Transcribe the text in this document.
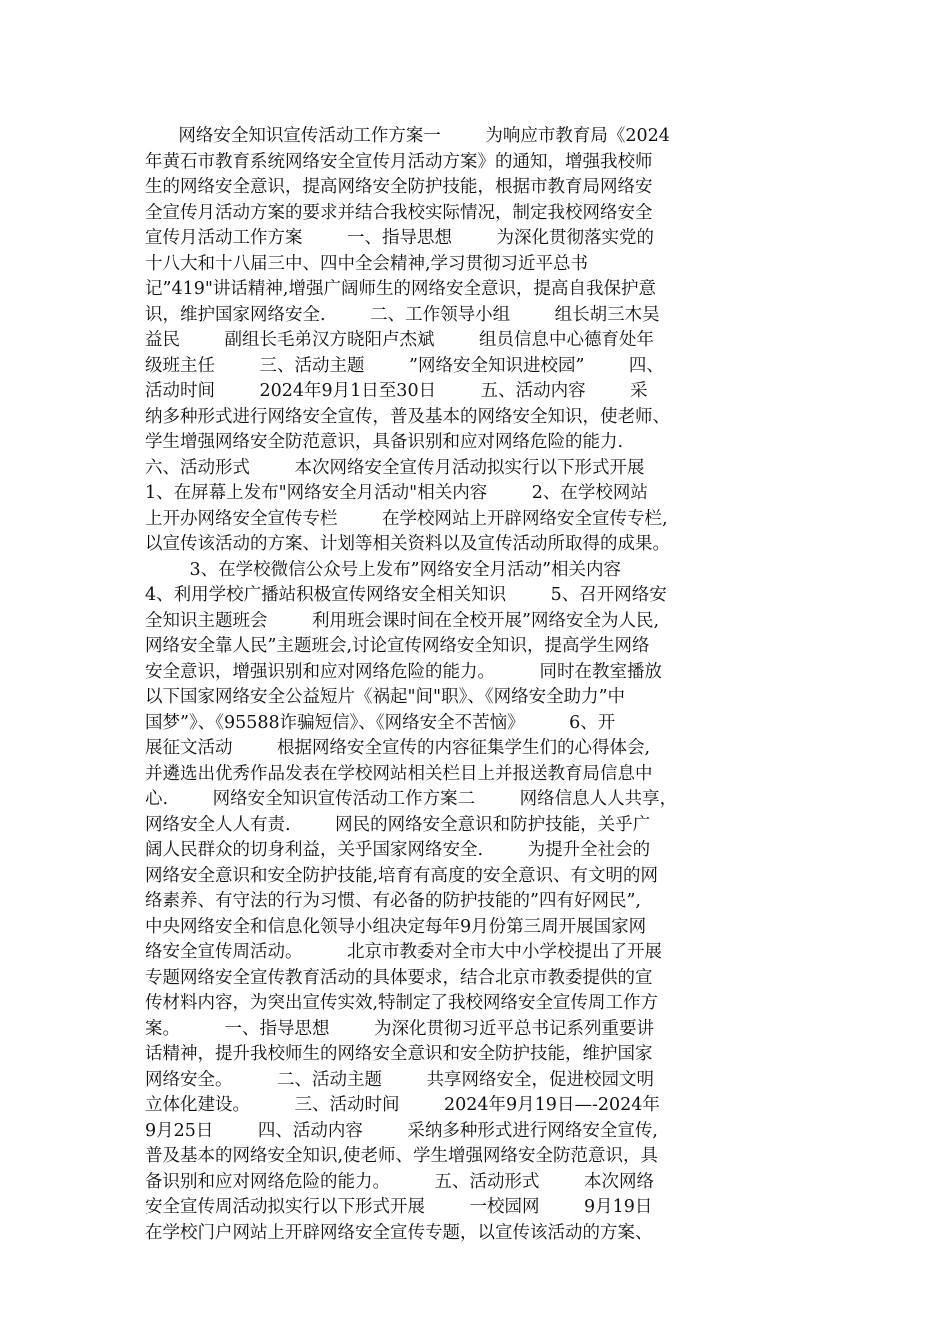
网络安全知识宣传活动工作方案一        为响应市教育局《2024
年黄石市教育系统网络安全宣传月活动方案》的通知，增强我校师
生的网络安全意识，提高网络安全防护技能，根据市教育局网络安
全宣传月活动方案的要求并结合我校实际情况，制定我校网络安全
宣传月活动工作方案        一、指导思想        为深化贯彻落实党的
十八大和十八届三中、四中全会精神,学习贯彻习近平总书
记”419"讲话精神,增强广阔师生的网络安全意识，提高自我保护意
识，维护国家网络安全.        二、工作领导小组        组长胡三木吴
益民        副组长毛弟汉方晓阳卢杰斌        组员信息中心德育处年
级班主任        三、活动主题        ”网络安全知识进校园”        四、
活动时间        2024年9月1日至30日        五、活动内容        采
纳多种形式进行网络安全宣传，普及基本的网络安全知识，使老师、
学生增强网络安全防范意识，具备识别和应对网络危险的能力.
六、活动形式        本次网络安全宣传月活动拟实行以下形式开展
1、在屏幕上发布"网络安全月活动"相关内容        2、在学校网站
上开办网络安全宣传专栏        在学校网站上开辟网络安全宣传专栏,
以宣传该活动的方案、计划等相关资料以及宣传活动所取得的成果。
3、在学校微信公众号上发布”网络安全月活动”相关内容
4、利用学校广播站积极宣传网络安全相关知识        5、召开网络安
全知识主题班会        利用班会课时间在全校开展”网络安全为人民,
网络安全靠人民”主题班会,讨论宣传网络安全知识，提高学生网络
安全意识，增强识别和应对网络危险的能力。        同时在教室播放
以下国家网络安全公益短片《祸起"间"职》、《网络安全助力”中
国梦”》、《95588诈骗短信》、《网络安全不苦恼》        6、开
展征文活动        根据网络安全宣传的内容征集学生们的心得体会,
并遴选出优秀作品发表在学校网站相关栏目上并报送教育局信息中
心.        网络安全知识宣传活动工作方案二        网络信息人人共享，
网络安全人人有责.        网民的网络安全意识和防护技能，关乎广
阔人民群众的切身利益，关乎国家网络安全.        为提升全社会的
网络安全意识和安全防护技能,培育有高度的安全意识、有文明的网
络素养、有守法的行为习惯、有必备的防护技能的”四有好网民”,
中央网络安全和信息化领导小组决定每年9月份第三周开展国家网
络安全宣传周活动。        北京市教委对全市大中小学校提出了开展
专题网络安全宣传教育活动的具体要求，结合北京市教委提供的宣
传材料内容，为突出宣传实效,特制定了我校网络安全宣传周工作方
案。        一、指导思想        为深化贯彻习近平总书记系列重要讲
话精神，提升我校师生的网络安全意识和安全防护技能，维护国家
网络安全。        二、活动主题        共享网络安全，促进校园文明
立体化建设。        三、活动时间        2024年9月19日—-2024年
9月25日        四、活动内容        采纳多种形式进行网络安全宣传,
普及基本的网络安全知识,使老师、学生增强网络安全防范意识，具
备识别和应对网络危险的能力。        五、活动形式        本次网络
安全宣传周活动拟实行以下形式开展        一校园网        9月19日
在学校门户网站上开辟网络安全宣传专题，以宣传该活动的方案、
